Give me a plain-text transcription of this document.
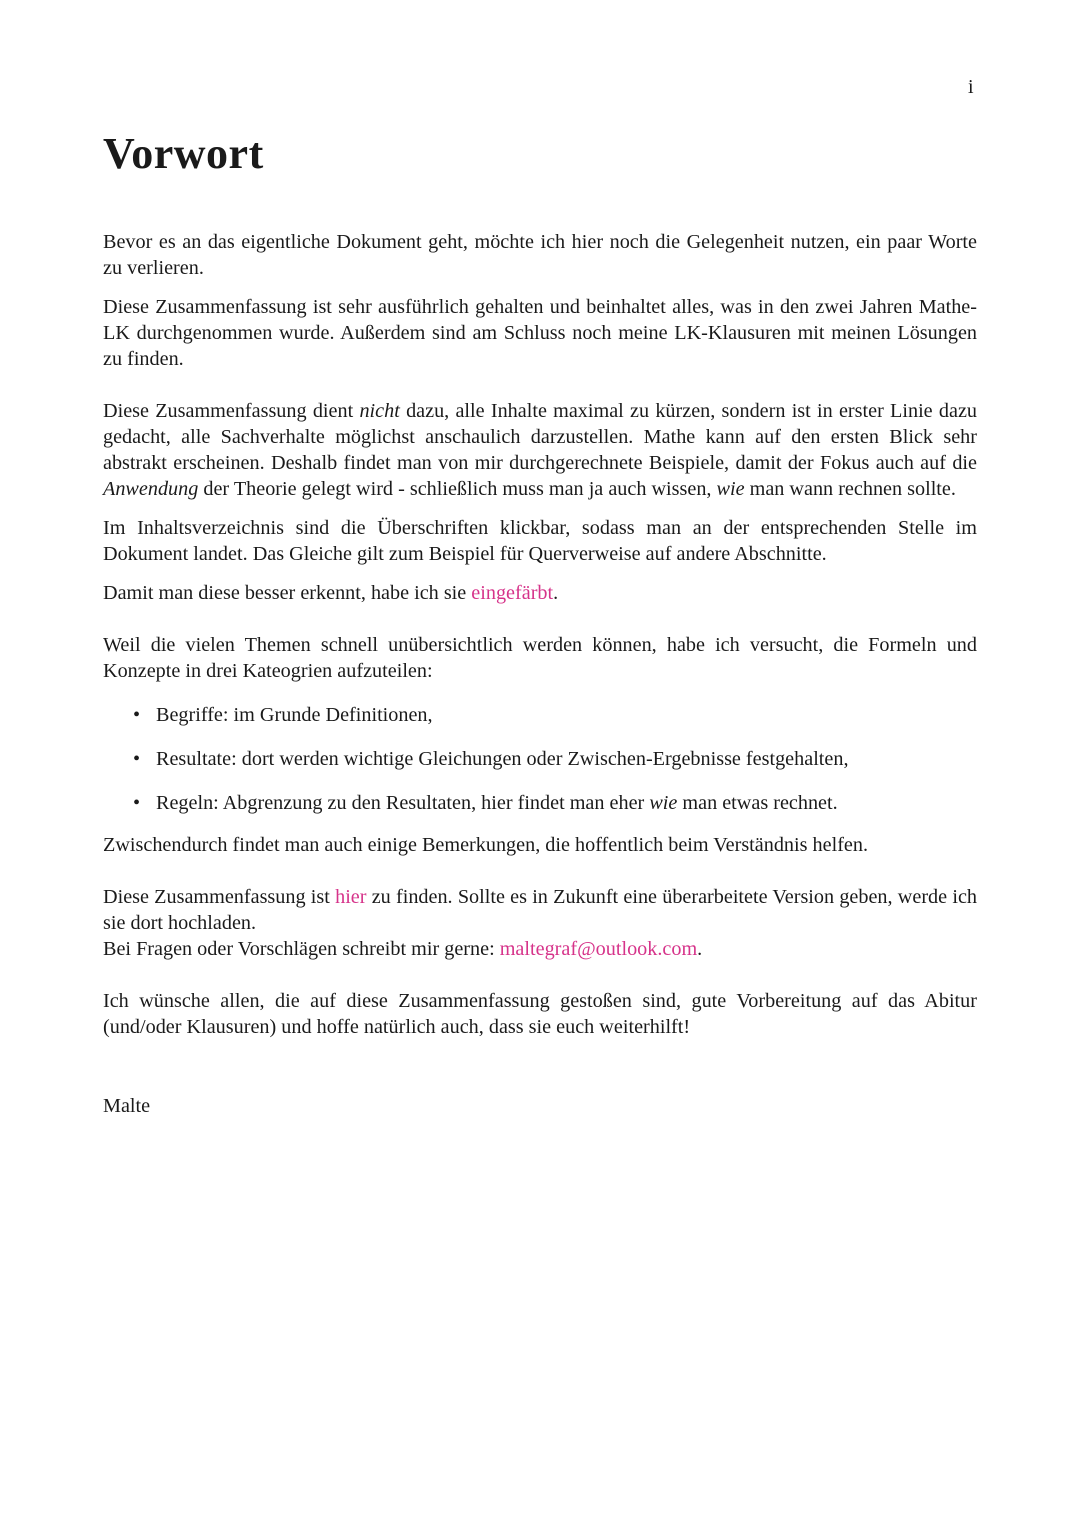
i
Vorwort

Bevor es an das eigentliche Dokument geht, möchte ich hier noch die Gelegenheit nutzen, ein paar Worte zu verlieren.

Diese Zusammenfassung ist sehr ausführlich gehalten und beinhaltet alles, was in den zwei Jahren Mathe-LK durchgenommen wurde. Außerdem sind am Schluss noch meine LK-Klausuren mit meinen Lösungen zu finden.

Diese Zusammenfassung dient nicht dazu, alle Inhalte maximal zu kürzen, sondern ist in erster Linie dazu gedacht, alle Sachverhalte möglichst anschaulich darzustellen. Mathe kann auf den ersten Blick sehr abstrakt erscheinen. Deshalb findet man von mir durchgerechnete Beispiele, damit der Fokus auch auf die Anwendung der Theorie gelegt wird - schließlich muss man ja auch wissen, wie man wann rechnen sollte.

Im Inhaltsverzeichnis sind die Überschriften klickbar, sodass man an der entsprechenden Stelle im Dokument landet. Das Gleiche gilt zum Beispiel für Querverweise auf andere Abschnitte.

Damit man diese besser erkennt, habe ich sie eingefärbt.

Weil die vielen Themen schnell unübersichtlich werden können, habe ich versucht, die Formeln und Konzepte in drei Kateogrien aufzuteilen:

• Begriffe: im Grunde Definitionen,
• Resultate: dort werden wichtige Gleichungen oder Zwischen-Ergebnisse festgehalten,
• Regeln: Abgrenzung zu den Resultaten, hier findet man eher wie man etwas rechnet.

Zwischendurch findet man auch einige Bemerkungen, die hoffentlich beim Verständnis helfen.

Diese Zusammenfassung ist hier zu finden. Sollte es in Zukunft eine überarbeitete Version geben, werde ich sie dort hochladen.
Bei Fragen oder Vorschlägen schreibt mir gerne: maltegraf@outlook.com.

Ich wünsche allen, die auf diese Zusammenfassung gestoßen sind, gute Vorbereitung auf das Abitur (und/oder Klausuren) und hoffe natürlich auch, dass sie euch weiterhilft!

Malte
